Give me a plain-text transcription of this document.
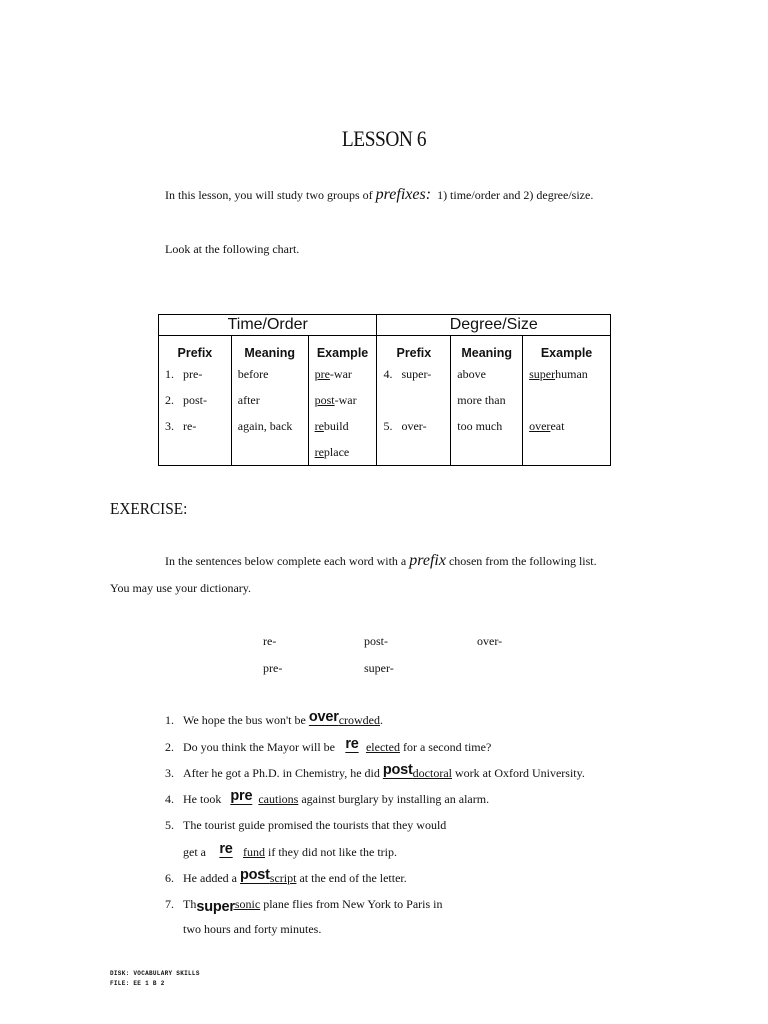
LESSON 6
In this lesson, you will study two groups of prefixes: 1) time/order and 2) degree/size.
Look at the following chart.
Time/Order			Degree/Size		
Prefix	Meaning	Example	Prefix	Meaning	Example
1. pre-	before	pre-war	4. super-	above	superhuman
2. post-	after	post-war		more than	
3. re-	again, back	rebuild	5. over-	too much	overeat
		replace			
EXERCISE:
In the sentences below complete each word with a prefix chosen from the following list.
You may use your dictionary.
re-	post-	over-
pre-	super-
1. We hope the bus won't be overcrowded.
2. Do you think the Mayor will be re elected for a second time?
3. After he got a Ph.D. in Chemistry, he did postdoctoral work at Oxford University.
4. He took pre cautions against burglary by installing an alarm.
5. The tourist guide promised the tourists that they would
get a re fund if they did not like the trip.
6. He added a postscript at the end of the letter.
7. Thsupersonic plane flies from New York to Paris in
two hours and forty minutes.
DISK: VOCABULARY SKILLS
FILE: EE 1 B 2
